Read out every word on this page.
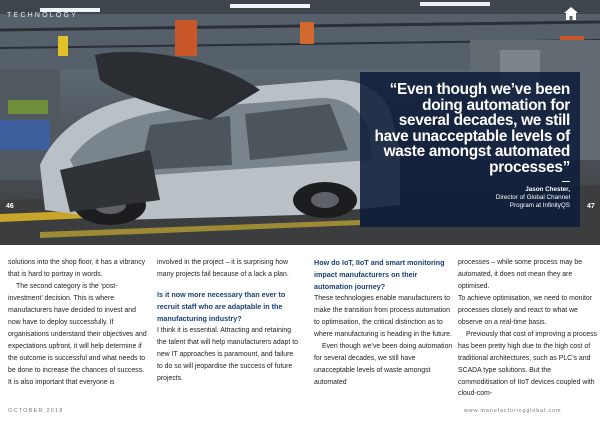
TECHNOLOGY
46	47
“Even though we’ve been doing automation for several decades, we still have unacceptable levels of waste amongst automated processes”
Jason Chester,
Director of Global Channel
Program at InfinityQS

solutions into the shop floor, it has a vibrancy that is hard to portray in words.

The second category is the ‘post-investment’ decision. This is where manufacturers have decided to invest and now have to deploy successfully. If organisations understand their objectives and expectations upfront, it will help determine if the outcome is successful and what needs to be done to increase the chances of success. It is also important that everyone is

involved in the project – it is surprising how many projects fail because of a lack a plan.

Is it now more necessary than ever to recruit staff who are adaptable in the manufacturing industry?

I think it is essential. Attracting and retaining the talent that will help manufacturers adapt to new IT approaches is paramount, and failure to do so will jeopardise the success of future projects.

How do IoT, IIoT and smart monitoring impact manufacturers on their automation journey?

These technologies enable manufacturers to make the transition from process automation to optimisation, the critical distinction as to where manufacturing is heading in the future.

Even though we’ve been doing automation for several decades, we still have unacceptable levels of waste amongst automated

processes – while some process may be automated, it does not mean they are optimised.

To achieve optimisation, we need to monitor processes closely and react to what we observe on a real-time basis.

Previously that cost of improving a process has been pretty high due to the high cost of traditional architectures, such as PLC’s and SCADA type solutions. But the commoditisation of IIoT devices coupled with cloud-com-

OCTOBER 2018	www.manufacturingglobal.com
